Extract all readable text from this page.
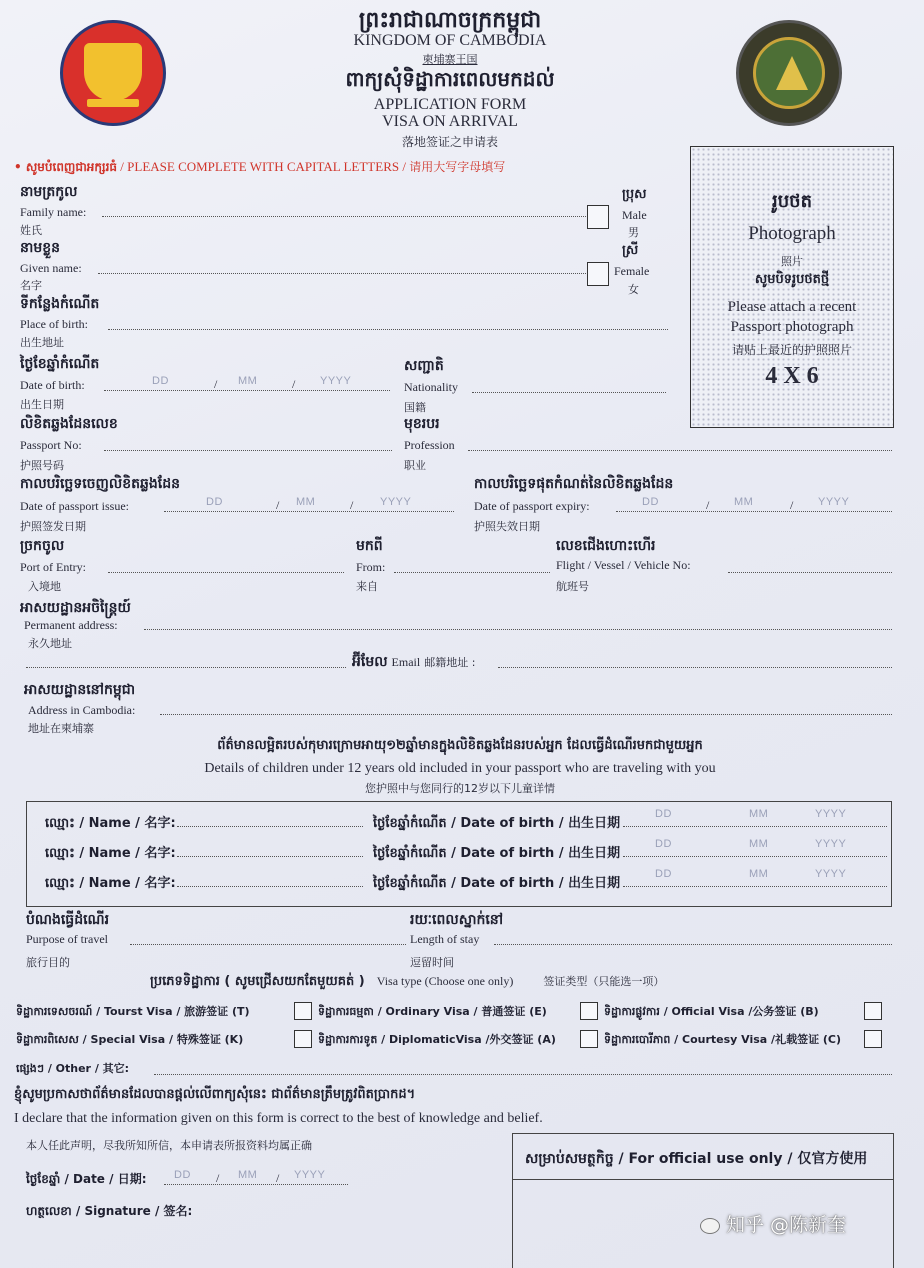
ព្រះរាជាណាចក្រកម្ពុជា
KINGDOM OF CAMBODIA
柬埔寨王国
ពាក្យសុំទិដ្ឋាការពេលមកដល់
APPLICATION FORM
VISA ON ARRIVAL
落地签证之申请表
• សូមបំពេញជាអក្សរធំ / PLEASE COMPLETE WITH CAPITAL LETTERS / 请用大写字母填写
រូបថត
Photograph
照片
សូមបិទរូបថតថ្មី
Please attach a recent
Passport photograph
请贴上最近的护照照片
4 X 6
នាមត្រកូល
Family name:
姓氏
ប្រុស
Male
男
នាមខ្លួន
Given name:
名字
ស្រី
Female
女
ទីកន្លែងកំណើត
Place of birth:
出生地址
ថ្ងៃខែឆ្នាំកំណើត
Date of birth:
出生日期
DD	/ MM	/ YYYY
សញ្ជាតិ
Nationality
国籍
លិខិតឆ្លងដែនលេខ
Passport No:
护照号码
មុខរបរ
Profession
职业
កាលបរិច្ឆេទចេញលិខិតឆ្លងដែន
Date of passport issue:
护照签发日期
DD	/ MM	/ YYYY
កាលបរិច្ឆេទផុតកំណត់នៃលិខិតឆ្លងដែន
Date of passport expiry:
护照失效日期
DD	/ MM	/ YYYY
ច្រកចូល
Port of Entry:
入境地
មកពី
From:
来自
លេខជើងហោះហើរ
Flight / Vessel / Vehicle No:
航班号
អាសយដ្ឋានអចិន្ត្រៃយ៍
Permanent address:
永久地址
អ៊ីមែល Email 邮籍地址 :
អាសយដ្ឋាននៅកម្ពុជា
Address in Cambodia:
地址在柬埔寨
ព័ត៌មានលម្អិតរបស់កុមារក្រោមអាយុ១២ឆ្នាំមានក្នុងលិខិតឆ្លងដែនរបស់អ្នក ដែលធ្វើដំណើរមកជាមួយអ្នក
Details of children under 12 years old included in your passport who are traveling with you
您护照中与您同行的12岁以下儿童详情
ឈ្មោះ / Name / 名字:	ថ្ងៃខែឆ្នាំកំណើត / Date of birth / 出生日期
DD	MM	YYYY
ឈ្មោះ / Name / 名字:	ថ្ងៃខែឆ្នាំកំណើត / Date of birth / 出生日期
DD	MM	YYYY
ឈ្មោះ / Name / 名字:	ថ្ងៃខែឆ្នាំកំណើត / Date of birth / 出生日期
DD	MM	YYYY
បំណងធ្វើដំណើរ
Purpose of travel
旅行目的
រយៈពេលស្នាក់នៅ
Length of stay
逗留时间
ប្រភេទទិដ្ឋាការ ( សូមជ្រើសយកតែមួយគត់ ) Visa type (Choose one only)	签证类型（只能选一项）
ទិដ្ឋាការទេសចរណ៍ / Tourst Visa / 旅游签证 (T)	ទិដ្ឋាការធម្មតា / Ordinary Visa / 普通签证 (E)	ទិដ្ឋាការផ្លូវការ / Official Visa /公务签证 (B)
ទិដ្ឋាការពិសេស / Special Visa / 特殊签证 (K)	ទិដ្ឋាការការទូត / DiplomaticVisa /外交签证 (A)	ទិដ្ឋាការបោរីភាព / Courtesy Visa /礼载签证 (C)
ផ្សេងៗ / Other / 其它:
ខ្ញុំសូមប្រកាសថាព័ត៌មានដែលបានផ្ដល់លើពាក្យសុំនេះ ជាព័ត៌មានត្រឹមត្រូវពិតប្រាកដ។
I declare that the information given on this form is correct to the best of knowledge and belief.
本人任此声明，尽我所知所信，本申请表所报资料均属正确
ថ្ងៃខែឆ្នាំ / Date / 日期:	DD / MM / YYYY
ហត្ថលេខា / Signature / 签名:
សម្រាប់សមត្ថកិច្ច / For official use only / 仅官方使用
知乎 @陈新奎
